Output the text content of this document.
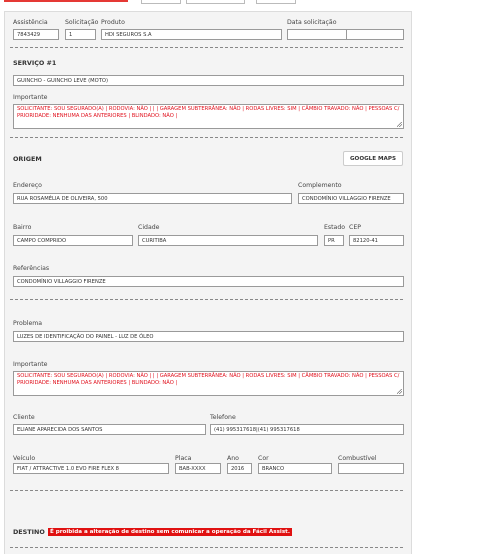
Assistência
7843429
Solicitação
1
Produto
HDI SEGUROS S.A
Data solicitação
SERVIÇO #1
GUINCHO - GUINCHO LEVE (MOTO)
Importante
SOLICITANTE: SOU SEGURADO(A) | RODOVIA: NÃO | | | GARAGEM SUBTERRÂNEA: NÃO | RODAS LIVRES: SIM | CÂMBIO TRAVADO: NÃO | PESSOAS C/ PRIORIDADE: NENHUMA DAS ANTERIORES | BLINDADO: NÃO |
ORIGEM	GOOGLE MAPS
Endereço
RUA ROSAMÉLIA DE OLIVEIRA, 500
Complemento
CONDOMÍNIO VILLAGGIO FIRENZE
Bairro
CAMPO COMPRIDO
Cidade
CURITIBA
Estado
PR
CEP
82120-41
Referências
CONDOMÍNIO VILLAGGIO FIRENZE
Problema
LUZES DE IDENTIFICAÇÃO DO PAINEL - LUZ DE ÓLEO
Importante
SOLICITANTE: SOU SEGURADO(A) | RODOVIA: NÃO | | | GARAGEM SUBTERRÂNEA: NÃO | RODAS LIVRES: SIM | CÂMBIO TRAVADO: NÃO | PESSOAS C/ PRIORIDADE: NENHUMA DAS ANTERIORES | BLINDADO: NÃO |
Cliente
ELIANE APARECIDA DOS SANTOS
Telefone
(41) 995317618|(41) 995317618
Veículo
FIAT / ATTRACTIVE 1.0 EVO FIRE FLEX 8
Placa
BAB-XXXX
Ano
2016
Cor
BRANCO
Combustível
DESTINO É proibida a alteração de destino sem comunicar a operação da Fácil Assist.
